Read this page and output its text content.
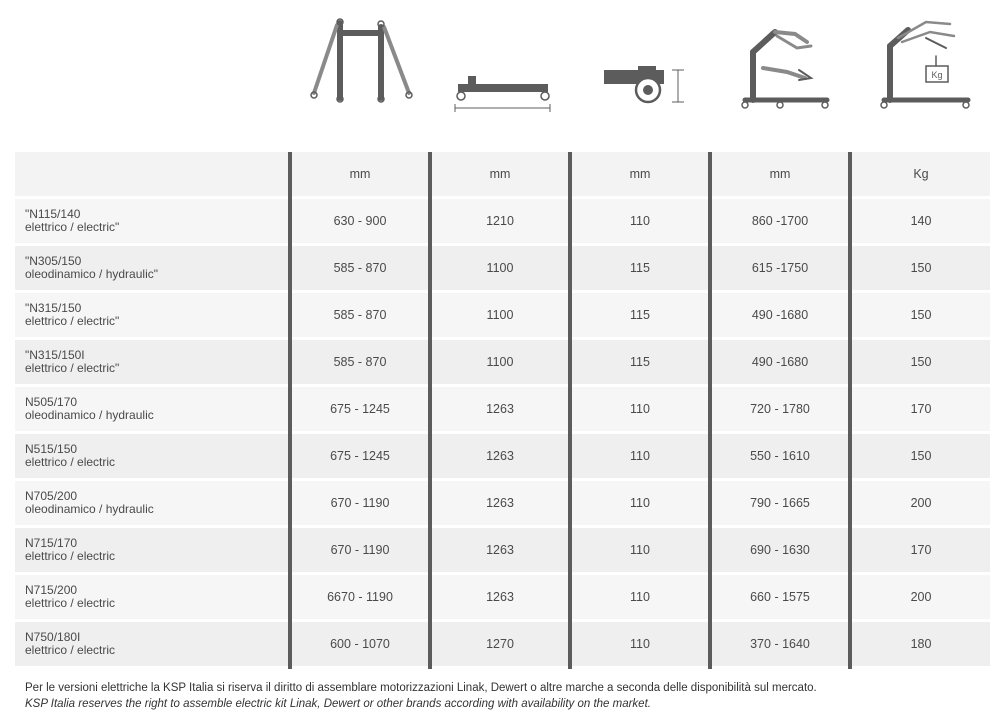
Kg
	mm	mm	mm	mm	Kg

"N115/140
elettrico / electric"	630 - 900	1210	110	860 -1700	140

"N305/150
oleodinamico / hydraulic"	585 - 870	1100	115	615 -1750	150

"N315/150
elettrico / electric"	585 - 870	1100	115	490 -1680	150

"N315/150I
elettrico / electric"	585 - 870	1100	115	490 -1680	150

N505/170
oleodinamico / hydraulic	675 - 1245	1263	110	720 - 1780	170

N515/150
elettrico / electric	675 - 1245	1263	110	550 - 1610	150

N705/200
oleodinamico / hydraulic	670 - 1190	1263	110	790 - 1665	200

N715/170
elettrico / electric	670 - 1190	1263	110	690 - 1630	170

N715/200
elettrico / electric	6670 - 1190	1263	110	660 - 1575	200

N750/180I
elettrico / electric	600 - 1070	1270	110	370 - 1640	180
Per le versioni elettriche la KSP Italia si riserva il diritto di assemblare motorizzazioni Linak, Dewert o altre marche a seconda delle disponibilità sul mercato.
KSP Italia reserves the right to assemble electric kit Linak, Dewert or other brands according with availability on the market.
